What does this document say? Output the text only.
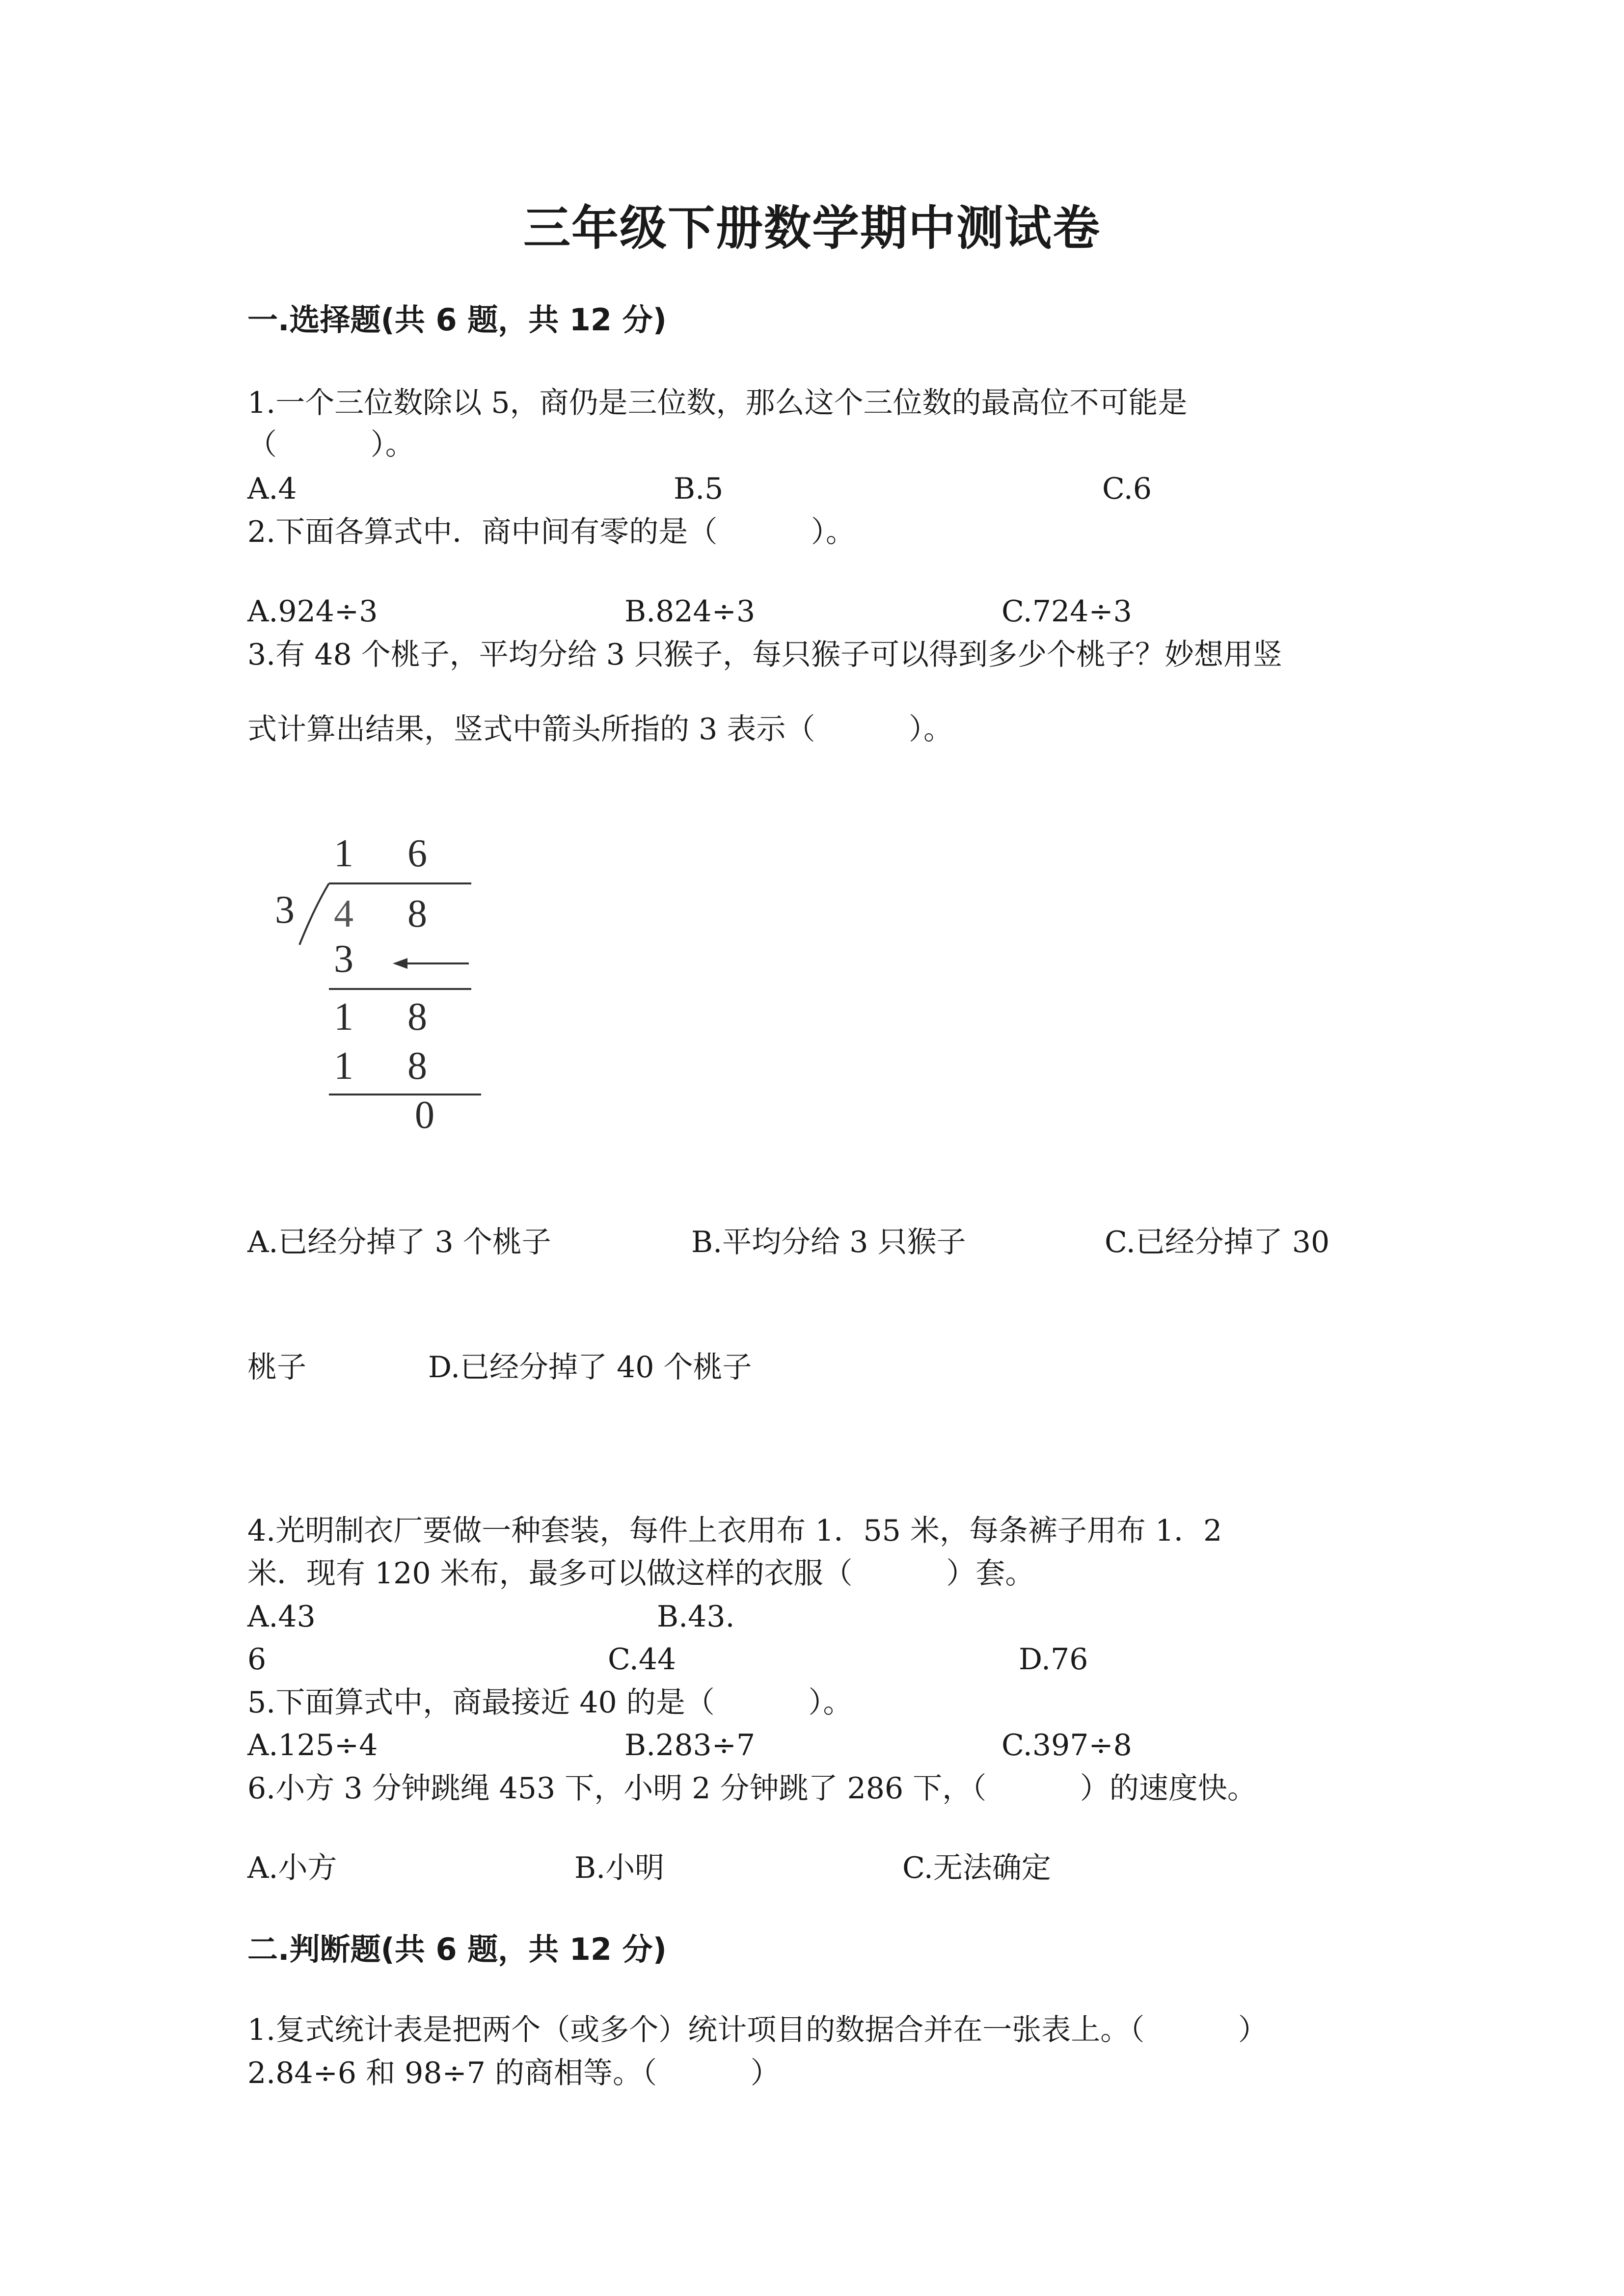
三年级下册数学期中测试卷
一.选择题(共 6 题，共 12 分)
1.一个三位数除以 5，商仍是三位数，那么这个三位数的最高位不可能是
（          ）。
A.4	B.5	C.6
2.下面各算式中．商中间有零的是（          ）。
A.924÷3	B.824÷3	C.724÷3
3.有 48 个桃子，平均分给 3 只猴子，每只猴子可以得到多少个桃子？妙想用竖
式计算出结果，竖式中箭头所指的 3 表示（          ）。
1 6
3 4 8
3
1 8
1 8
0
A.已经分掉了 3 个桃子	B.平均分给 3 只猴子	C.已经分掉了 30
桃子	D.已经分掉了 40 个桃子
4.光明制衣厂要做一种套装，每件上衣用布 1．55 米，每条裤子用布 1．2
米．现有 120 米布，最多可以做这样的衣服（          ）套。
A.43	B.43.
6	C.44	D.76
5.下面算式中，商最接近 40 的是（          ）。
A.125÷4	B.283÷7	C.397÷8
6.小方 3 分钟跳绳 453 下，小明 2 分钟跳了 286 下，（          ）的速度快。
A.小方	B.小明	C.无法确定
二.判断题(共 6 题，共 12 分)
1.复式统计表是把两个（或多个）统计项目的数据合并在一张表上。（          ）
2.84÷6 和 98÷7 的商相等。（          ）
